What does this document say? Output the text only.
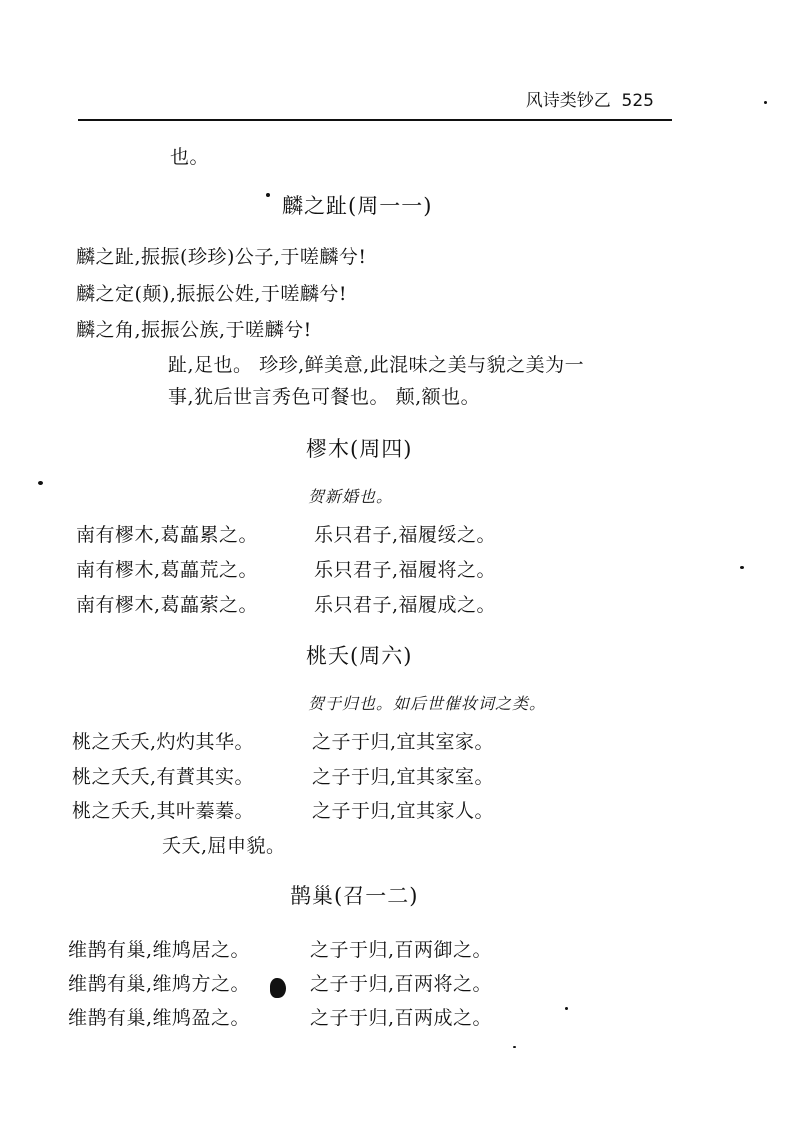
风诗类钞乙 525
也。
麟之趾(周一一)
麟之趾,振振(珍珍)公子,于嗟麟兮!
麟之定(颠),振振公姓,于嗟麟兮!
麟之角,振振公族,于嗟麟兮!
趾,足也。 珍珍,鲜美意,此混味之美与貌之美为一
事,犹后世言秀色可餐也。 颠,额也。
樛木(周四)
贺新婚也。
南有樛木,葛藟累之。	乐只君子,福履绥之。
南有樛木,葛藟荒之。	乐只君子,福履将之。
南有樛木,葛藟萦之。	乐只君子,福履成之。
桃夭(周六)
贺于归也。如后世催妆词之类。
桃之夭夭,灼灼其华。	之子于归,宜其室家。
桃之夭夭,有蕡其实。	之子于归,宜其家室。
桃之夭夭,其叶蓁蓁。	之子于归,宜其家人。
夭夭,屈申貌。
鹊巢(召一二)
维鹊有巢,维鸠居之。	之子于归,百两御之。
维鹊有巢,维鸠方之。	之子于归,百两将之。
维鹊有巢,维鸠盈之。	之子于归,百两成之。
